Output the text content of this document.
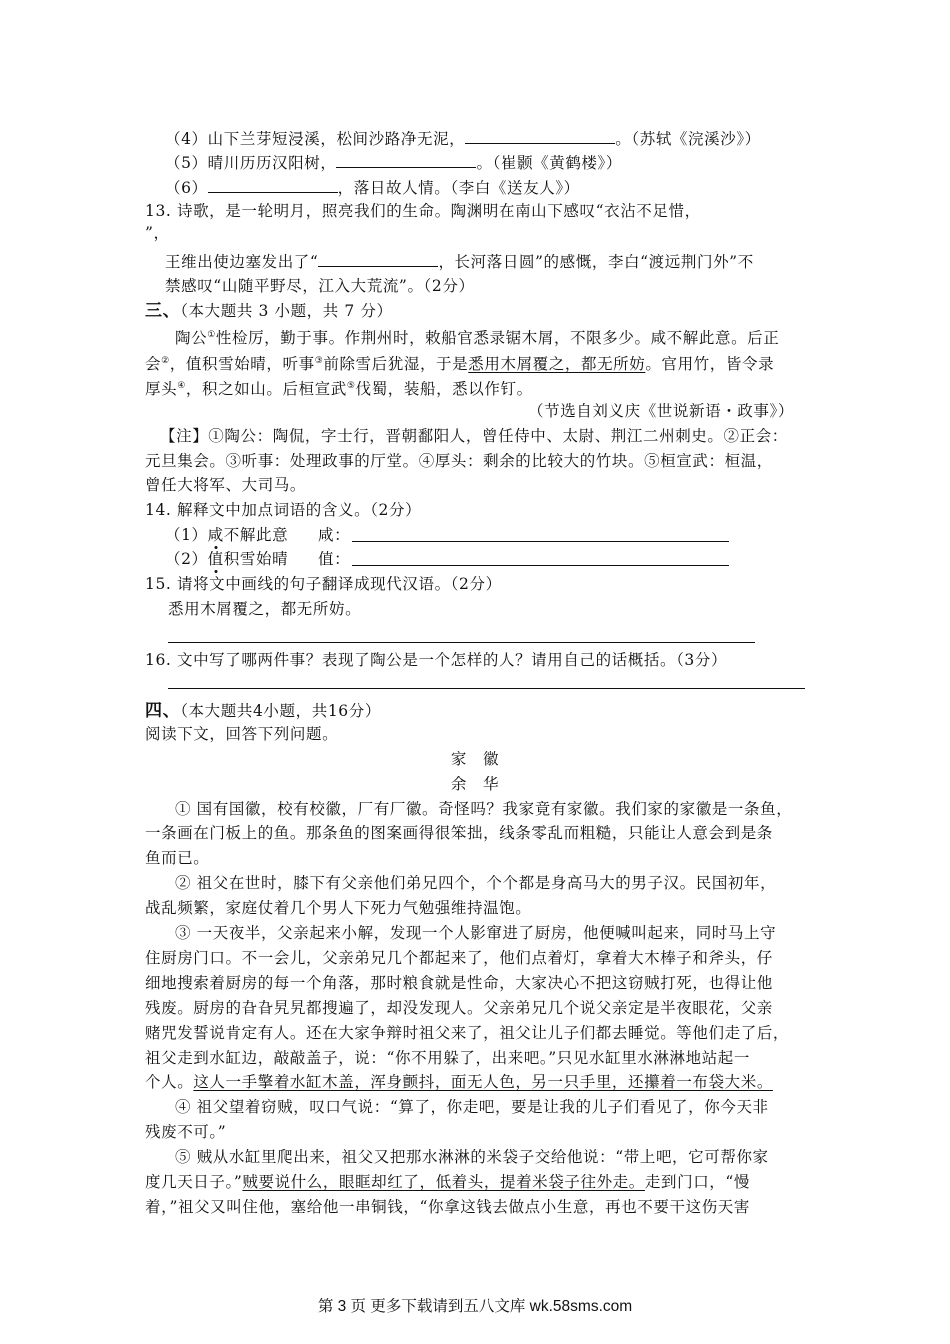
（4）山下兰芽短浸溪，松间沙路净无泥，	。（苏轼《浣溪沙》）
（5）晴川历历汉阳树，	。（崔颢《黄鹤楼》）
（6）	，落日故人情。（李白《送友人》）
13. 诗歌，是一轮明月，照亮我们的生命。陶渊明在南山下感叹“衣沾不足惜，
”，
王维出使边塞发出了“	，长河落日圆”的感慨，李白“渡远荆门外”不
禁感叹“山随平野尽，江入大荒流”。（2分）
三、（本大题共 3 小题，共 7 分）
陶公①性检厉，勤于事。作荆州时，敕船官悉录锯木屑，不限多少。咸不解此意。后正
会②，值积雪始晴，听事③前除雪后犹湿，于是悉用木屑覆之，都无所妨。官用竹，皆令录
厚头④，积之如山。后桓宣武⑤伐蜀，装船，悉以作钉。
（节选自刘义庆《世说新语・政事》）
【注】①陶公：陶侃，字士行，晋朝鄱阳人，曾任侍中、太尉、荆江二州刺史。②正会：
元旦集会。③听事：处理政事的厅堂。④厚头：剩余的比较大的竹块。⑤桓宣武：桓温，
曾任大将军、大司马。
14. 解释文中加点词语的含义。（2分）
（1）咸不解此意 咸：
（2）值积雪始晴 值：
15. 请将文中画线的句子翻译成现代汉语。（2分）
悉用木屑覆之，都无所妨。
16. 文中写了哪两件事？表现了陶公是一个怎样的人？请用自己的话概括。（3分）
四、（本大题共4小题，共16分）
阅读下文，回答下列问题。
家　徽
余　华
① 国有国徽，校有校徽，厂有厂徽。奇怪吗？我家竟有家徽。我们家的家徽是一条鱼，
一条画在门板上的鱼。那条鱼的图案画得很笨拙，线条零乱而粗糙，只能让人意会到是条
鱼而已。
② 祖父在世时，膝下有父亲他们弟兄四个，个个都是身高马大的男子汉。民国初年，
战乱频繁，家庭仗着几个男人下死力气勉强维持温饱。
③ 一天夜半，父亲起来小解，发现一个人影窜进了厨房，他便喊叫起来，同时马上守
住厨房门口。不一会儿，父亲弟兄几个都起来了，他们点着灯，拿着大木棒子和斧头，仔
细地搜索着厨房的每一个角落，那时粮食就是性命，大家决心不把这窃贼打死，也得让他
残废。厨房的旮旮旯旯都搜遍了，却没发现人。父亲弟兄几个说父亲定是半夜眼花，父亲
赌咒发誓说肯定有人。还在大家争辩时祖父来了，祖父让儿子们都去睡觉。等他们走了后，
祖父走到水缸边，敲敲盖子，说：“你不用躲了，出来吧。”只见水缸里水淋淋地站起一
个人。这人一手擎着水缸木盖，浑身颤抖，面无人色，另一只手里，还攥着一布袋大米。
④ 祖父望着窃贼，叹口气说：“算了，你走吧，要是让我的儿子们看见了，你今天非
残废不可。”
⑤ 贼从水缸里爬出来，祖父又把那水淋淋的米袋子交给他说：“带上吧，它可帮你家
度几天日子。”贼要说什么，眼眶却红了，低着头，提着米袋子往外走。走到门口，“慢
着，”祖父又叫住他，塞给他一串铜钱，“你拿这钱去做点小生意，再也不要干这伤天害
第 3 页 更多下载请到五八文库 wk.58sms.com
